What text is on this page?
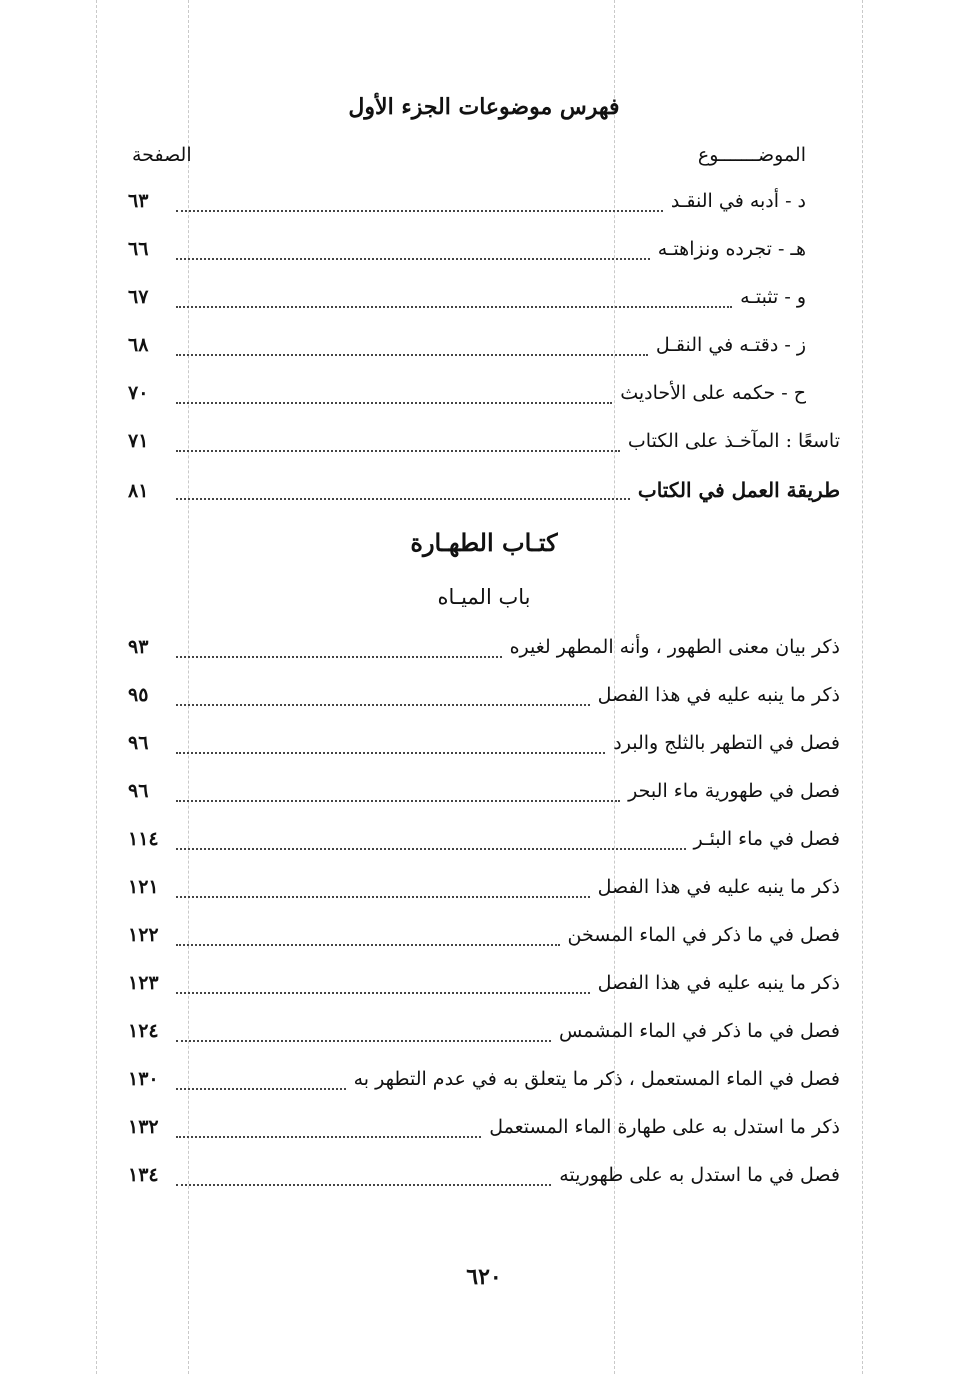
فهرس موضوعات الجزء الأول
الموضـــــــوع
الصفحة
د - أدبه في النقـد
٦٣
هـ - تجرده ونزاهتـه
٦٦
و - تثبتـه
٦٧
ز - دقتـه في النقـل
٦٨
ح - حكمه على الأحاديث
٧٠
تاسعًا : المآخـذ على الكتاب
٧١
طريقة العمل في الكتاب
٨١
كتـاب الطهـارة
باب الميـاه
ذكر بيان معنى الطهور ، وأنه المطهر لغيره
٩٣
ذكر ما ينبه عليه في هذا الفصل
٩٥
فصل في التطهر بالثلج والبرد
٩٦
فصل في طهورية ماء البحر
٩٦
فصل في ماء البئـر
١١٤
ذكر ما ينبه عليه في هذا الفصل
١٢١
فصل في ما ذكر في الماء المسخن
١٢٢
ذكر ما ينبه عليه في هذا الفصل
١٢٣
فصل في ما ذكر في الماء المشمس
١٢٤
فصل في الماء المستعمل ، ذكر ما يتعلق به في عدم التطهر به
١٣٠
ذكر ما استدل به على طهارة الماء المستعمل
١٣٢
فصل في ما استدل به على طهوريته
١٣٤
٦٢٠
